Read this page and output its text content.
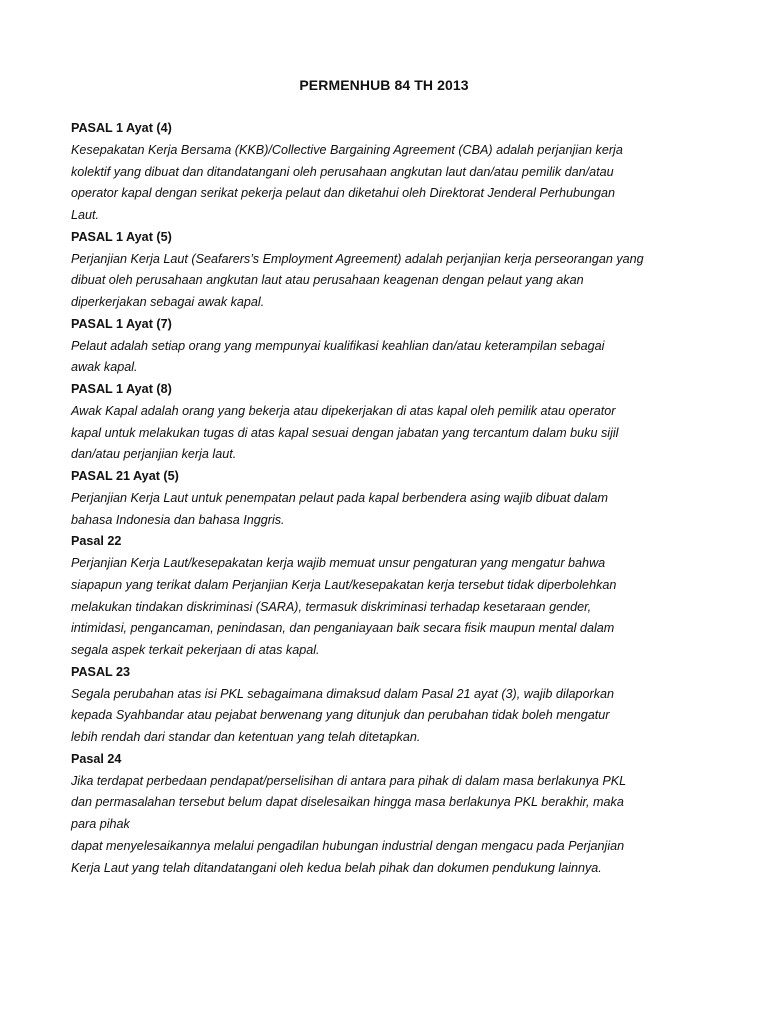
PERMENHUB 84 TH 2013
PASAL 1 Ayat (4)
Kesepakatan Kerja Bersama (KKB)/Collective Bargaining Agreement (CBA) adalah perjanjian kerja
kolektif yang dibuat dan ditandatangani oleh perusahaan angkutan laut dan/atau pemilik dan/atau
operator kapal dengan serikat pekerja pelaut dan diketahui oleh Direktorat Jenderal Perhubungan
Laut.
PASAL 1 Ayat (5)
Perjanjian Kerja Laut (Seafarers’s Employment Agreement) adalah perjanjian kerja perseorangan yang
dibuat oleh perusahaan angkutan laut atau perusahaan keagenan dengan pelaut yang akan
diperkerjakan sebagai awak kapal.
PASAL 1 Ayat (7)
Pelaut adalah setiap orang yang mempunyai kualifikasi keahlian dan/atau keterampilan sebagai
awak kapal.
PASAL 1 Ayat (8)
Awak Kapal adalah orang yang bekerja atau dipekerjakan di atas kapal oleh pemilik atau operator
kapal untuk melakukan tugas di atas kapal sesuai dengan jabatan yang tercantum dalam buku sijil
dan/atau perjanjian kerja laut.
PASAL 21 Ayat (5)
Perjanjian Kerja Laut untuk penempatan pelaut pada kapal berbendera asing wajib dibuat dalam
bahasa Indonesia dan bahasa Inggris.
Pasal 22
Perjanjian Kerja Laut/kesepakatan kerja wajib memuat unsur pengaturan yang mengatur bahwa
siapapun yang terikat dalam Perjanjian Kerja Laut/kesepakatan kerja tersebut tidak diperbolehkan
melakukan tindakan diskriminasi (SARA), termasuk diskriminasi terhadap kesetaraan gender,
intimidasi, pengancaman, penindasan, dan penganiayaan baik secara fisik maupun mental dalam
segala aspek terkait pekerjaan di atas kapal.
PASAL 23
Segala perubahan atas isi PKL sebagaimana dimaksud dalam Pasal 21 ayat (3), wajib dilaporkan
kepada Syahbandar atau pejabat berwenang yang ditunjuk dan perubahan tidak boleh mengatur
lebih rendah dari standar dan ketentuan yang telah ditetapkan.
Pasal 24
Jika terdapat perbedaan pendapat/perselisihan di antara para pihak di dalam masa berlakunya PKL
dan permasalahan tersebut belum dapat diselesaikan hingga masa berlakunya PKL berakhir, maka
para pihak
dapat menyelesaikannya melalui pengadilan hubungan industrial dengan mengacu pada Perjanjian
Kerja Laut yang telah ditandatangani oleh kedua belah pihak dan dokumen pendukung lainnya.
